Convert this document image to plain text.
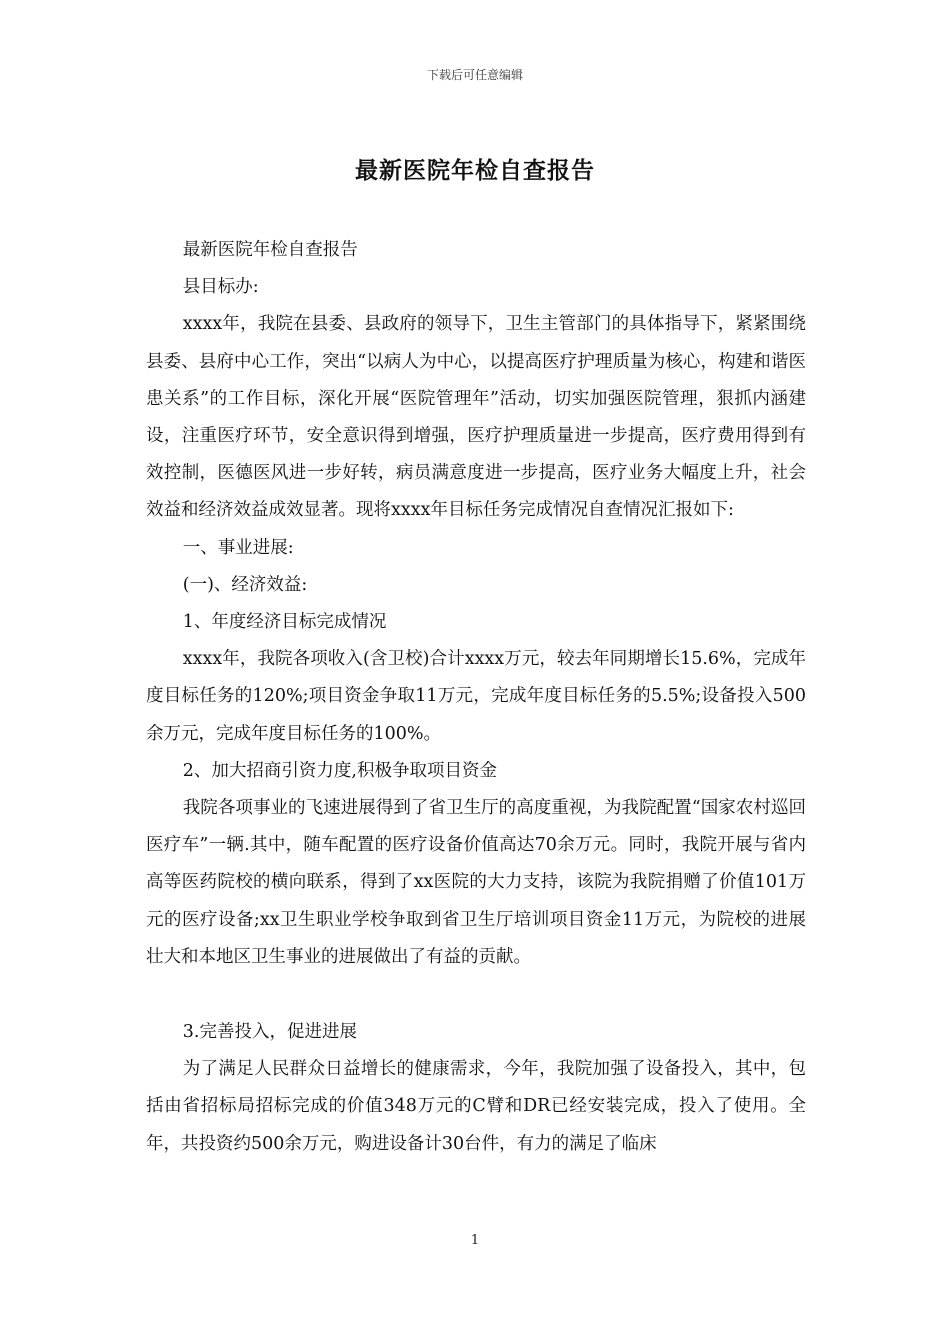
下载后可任意编辑
最新医院年检自查报告

最新医院年检自查报告

县目标办:

xxxx年，我院在县委、县政府的领导下，卫生主管部门的具体指导下，紧紧围绕县委、县府中心工作，突出“以病人为中心，以提高医疗护理质量为核心，构建和谐医患关系”的工作目标，深化开展“医院管理年”活动，切实加强医院管理，狠抓内涵建设，注重医疗环节，安全意识得到增强，医疗护理质量进一步提高，医疗费用得到有效控制，医德医风进一步好转，病员满意度进一步提高，医疗业务大幅度上升，社会效益和经济效益成效显著。现将xxxx年目标任务完成情况自查情况汇报如下:

一、事业进展:

(一)、经济效益:

1、年度经济目标完成情况

xxxx年，我院各项收入(含卫校)合计xxxx万元，较去年同期增长15.6%，完成年度目标任务的120%;项目资金争取11万元，完成年度目标任务的5.5%;设备投入500余万元，完成年度目标任务的100%。

2、加大招商引资力度,积极争取项目资金

我院各项事业的飞速进展得到了省卫生厅的高度重视，为我院配置“国家农村巡回医疗车”一辆.其中，随车配置的医疗设备价值高达70余万元。同时，我院开展与省内高等医药院校的横向联系，得到了xx医院的大力支持，该院为我院捐赠了价值101万元的医疗设备;xx卫生职业学校争取到省卫生厅培训项目资金11万元，为院校的进展壮大和本地区卫生事业的进展做出了有益的贡献。

3.完善投入，促进进展

为了满足人民群众日益增长的健康需求，今年，我院加强了设备投入，其中，包括由省招标局招标完成的价值348万元的C臂和DR已经安装完成，投入了使用。全年，共投资约500余万元，购进设备计30台件，有力的满足了临床

1
